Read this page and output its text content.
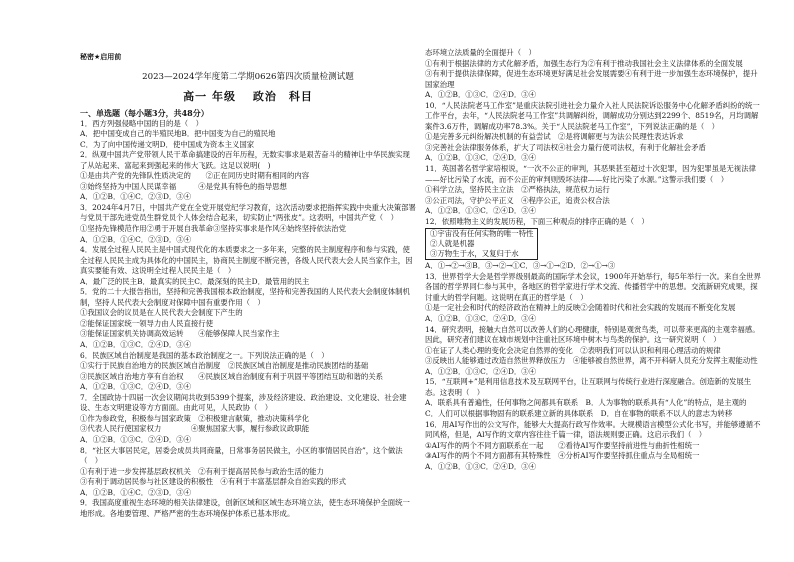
秘密★启用前
2023—2024学年度第二学期0626第四次质量检测试题
高一 年级　 政治　科目

一、单选题（每小题3分，共48分）

1．西方列强侵略中国的目的是（　）

A．把中国变成自己的半殖民地 B．把中国变为自己的殖民地
C．为了向中国传递文明 D．使中国成为资本主义国家

2．纵观中国共产党带领人民干革命搞建设的百年历程，无数实事求是艰苦奋斗的精神让中华民族实现了从站起来、富起来到强起来的伟大飞跃。这足以说明(　)

①是由共产党的先锋队性质决定的　　②正在同历史时期有相同的内容

③始终坚持为中国人民谋幸福　　　④是党具有特色的指导思想

A．①② B．①④ C．②③ D．③④

3．2024年4月7日，中国共产党在全党开展党纪学习教育，这次活动要求把指挥实践中央重大决策部署与党员干部先进党员生群党员个人体会结合起来，切实防止“两张皮”。这表明，中国共产党（　）

①坚持先锋模范作用②勇于开展自我革命③坚持实事求是作风④始终坚持依法治党

A．①② B．①④ C．②③ D．③④

4．发展全过程人民民主是中国式现代化的本质要求之一多年来，完整的民主制度程序和参与实践，使全过程人民民主成为具体化的中国民主，协商民主制度不断完善，各级人民代表大会人民当家作主，因真实要能有效、这说明全过程人民民主是（　）

A．最广泛的民主 B．最真实的民主 C．最深刻的民主 D．最管用的民主

5．党的二十大报告指出，坚持和完善我国根本政治制度，坚持和完善我国的人民代表大会制度体制机制，坚持人民代表大会制度对保障中国有重要作用（　）

①我国议会的议员是在人民代表大会制度下产生的

②能保证国家统一领导力由人民直接行使

③能保证国家机关协调高效运转　　④能够保障人民当家作主

A．①② B．①③ C．②④ D．③④

6．民族区域自治制度是我国的基本政治制度之一。下列说法正确的是（　）

①实行于民族自治地方的民族区域自治制度　②民族区域自治制度是推动民族团结的基础

③民族区域自治地方享有自治权　　④民族区域自治制度有利于巩固平等团结互助和谐的关系

A．①② B．①③ C．②④ D．③④

7．全国政协十四届一次会议期间共收到5399个提案，涉及经济建设、政治建设、文化建设、社会建设、生态文明建设等方方面面。由此可见，人民政协（　）

①作为参政党，积极参与国家政策　②积极建言献策，推动决策科学化

③代表人民行使国家权力　　　　④聚焦国家大事，履行参政议政职能

A．①② B．①③ C．②④ D．③④

8．“社区大事居民定，居委会成员共同商量，日常事务居民做主，小区的事情居民自治”，这个做法（　）

①有利于进一步发挥基层政权机关　②有利于提高居民参与政治生活的能力

③有利于调动居民参与社区建设的积极性　④有利于丰富基层群众自治实践的形式

A．①② B．①④ C．②③ D．③④

9．我国高度重视生态环境的相关法律建设，创新区域和区域生态环境立法，使生态环境保护全面统一地形成。各地要管理、严格严密的生态环境保护体系已基本形成。

态环境立法质量的全面提升（　）

①有利于根据法律的方式化解矛盾，加强生态行为②有利于推动我国社会主义法律体系的全面发展

③有利于提供法律保障，促进生态环境更好满足社会发展需要④有利于进一步加强生态环境保护，提升国家治理

A．①② B．①③ C．②④ D．③④

10．“人民法院老马工作室”是重庆法院引进社会力量介入社人民法院诉讼服务中心化解矛盾纠纷的统一工作平台，去年，“人民法院老马工作室”共调解纠纷，调解成功分别达到2299个、8519名，月均调解案件3.6万件，调解成功率78.3%。关于“人民法院老马工作室”，下列说法正确的是（　）

①是完善多元纠纷解决机制的有益尝试　②是将调解更与为法公民理性表达诉求

③完善社会法律服务体系，扩大了司法权④社会力量行使司法权，有利于化解社会矛盾

A．①② B．①③ C．②④ D．③④

11．英国著名哲学家培根说，“一次不公正的审判，其恶果甚至超过十次犯罪，因为犯罪虽是无视法律——好比污染了水流，而不公正的审判则毁坏法律——好比污染了水源。”这警示我们要（　）

①科学立法，坚持民主立法　②严格执法，规范权力运行

③公正司法，守护公平正义　④程序公正，追责公权合法

A．①② B．①③ C．②④ D．③④

12．依照唯物主义的发展历程，下面三种观点的排序正确的是（　）

①宇宙没有任何实物的唯一特性
②人就是机器
③万物生于水，又复归于水
A．①→②→③ B．③→②→① C．③→①→② D．②→①→③

13．世界哲学大会是哲学界级别最高的国际学术会议，1900年开始举行，每5年举行一次。来自全世界各国的哲学界同仁参与其中，各地区的哲学家进行学术交流、传播哲学中的思想。交流新研究成果，探讨重大的哲学问题。这说明在真正的哲学是（　）

①是一定社会和时代的经济政治在精神上的反映②会随着时代和社会实践的发展而不断变化发展

A．①② B．①③ C．②④ D．③④

14．研究表明，接触大自然可以改善人们的心理健康，特别是观赏鸟类，可以带来更高的主观幸福感。因此，研究者们建议在城市规划中注重社区环境中树木与鸟类的保护。这一研究说明（　）

①在证了人类心理的变化会决定自然界的变化　②表明我们可以认识和利用心理活动的规律

③反映出人能够通过改造自然世界释放压力　④能够被自然世界，离不开科研人员充分发挥主观能动性

A．①② B．①③ C．②④ D．③④

15．“互联网+”是利用信息技术及互联网平台，让互联网与传统行业进行深度融合。创造新的发展生态。这表明（　）

A．联系具有普遍性，任何事物之间都具有联系　B．人为事物的联系具有“人化”的特点，是主观的

C．人们可以根据事物固有的联系建立新的具体联系　D．自在事物的联系不以人的意志为转移

16．用AI写作出的公文写作，能够大大提高行政写作效率。大规模语言模型公式化书写，并能够遵循不同风格，但是，Al写作的文章内容往往千篇一律，语法规则要正确。这启示我们（　）

①AI写作的两个不同方面联系在一起　　②看待AI写作要坚持前进性与曲折性相统一

③AI写作的两个不同方面都有其特殊性　④分析AI写作要坚持抓住重点与全局相统一

A．①② B．①③ C．②④ D．③④
